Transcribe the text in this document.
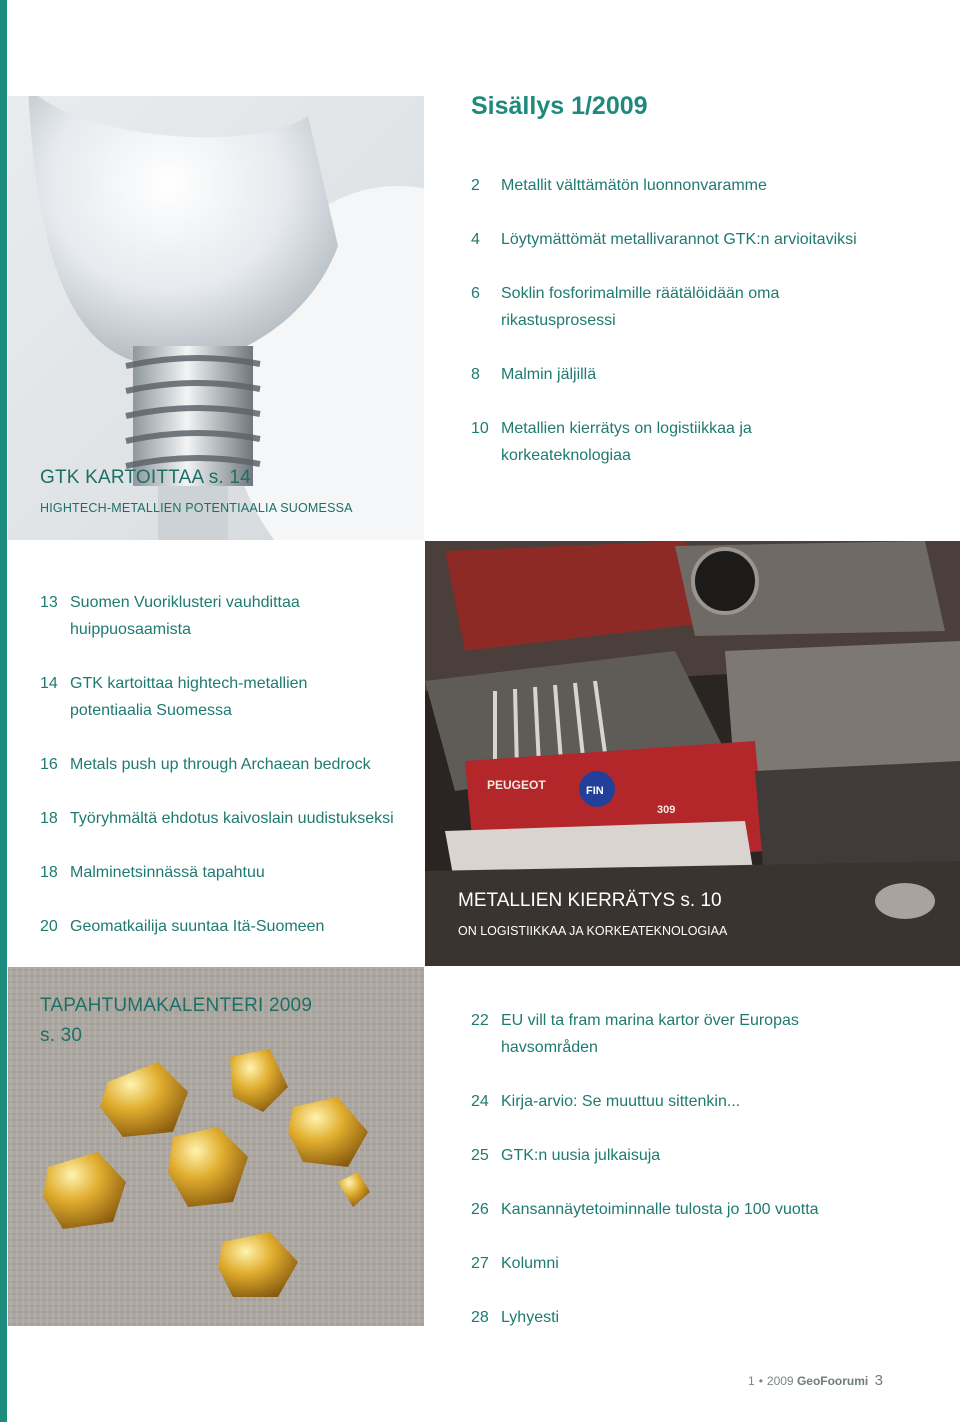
GTK KARTOITTAA s. 14
HIGHTECH-METALLIEN POTENTIAALIA SUOMESSA
Sisällys 1/2009
2	Metallit välttämätön luonnonvaramme
4	Löytymättömät metallivarannot GTK:n arvioitaviksi
6	Soklin fosforimalmille räätälöidään oma
rikastusprosessi
8	Malmin jäljillä
10 Metallien kierrätys on logistiikkaa ja
korkeateknologiaa
PEUGEOT	FIN
309
METALLIEN KIERRÄTYS s. 10
ON LOGISTIIKKAA JA KORKEATEKNOLOGIAA
13 Suomen Vuoriklusteri vauhdittaa
huippuosaamista
14 GTK kartoittaa hightech-metallien
potentiaalia Suomessa
16 Metals push up through Archaean bedrock
18 Työryhmältä ehdotus kaivoslain uudistukseksi
18 Malminetsinnässä tapahtuu
20 Geomatkailija suuntaa Itä-Suomeen
TAPAHTUMAKALENTERI 2009
s. 30
22 EU vill ta fram marina kartor över Europas
havsområden
24 Kirja-arvio: Se muuttuu sittenkin...
25 GTK:n uusia julkaisuja
26 Kansannäytetoiminnalle tulosta jo 100 vuotta
27 Kolumni
28 Lyhyesti
1 • 2009 GeoFoorumi 3
